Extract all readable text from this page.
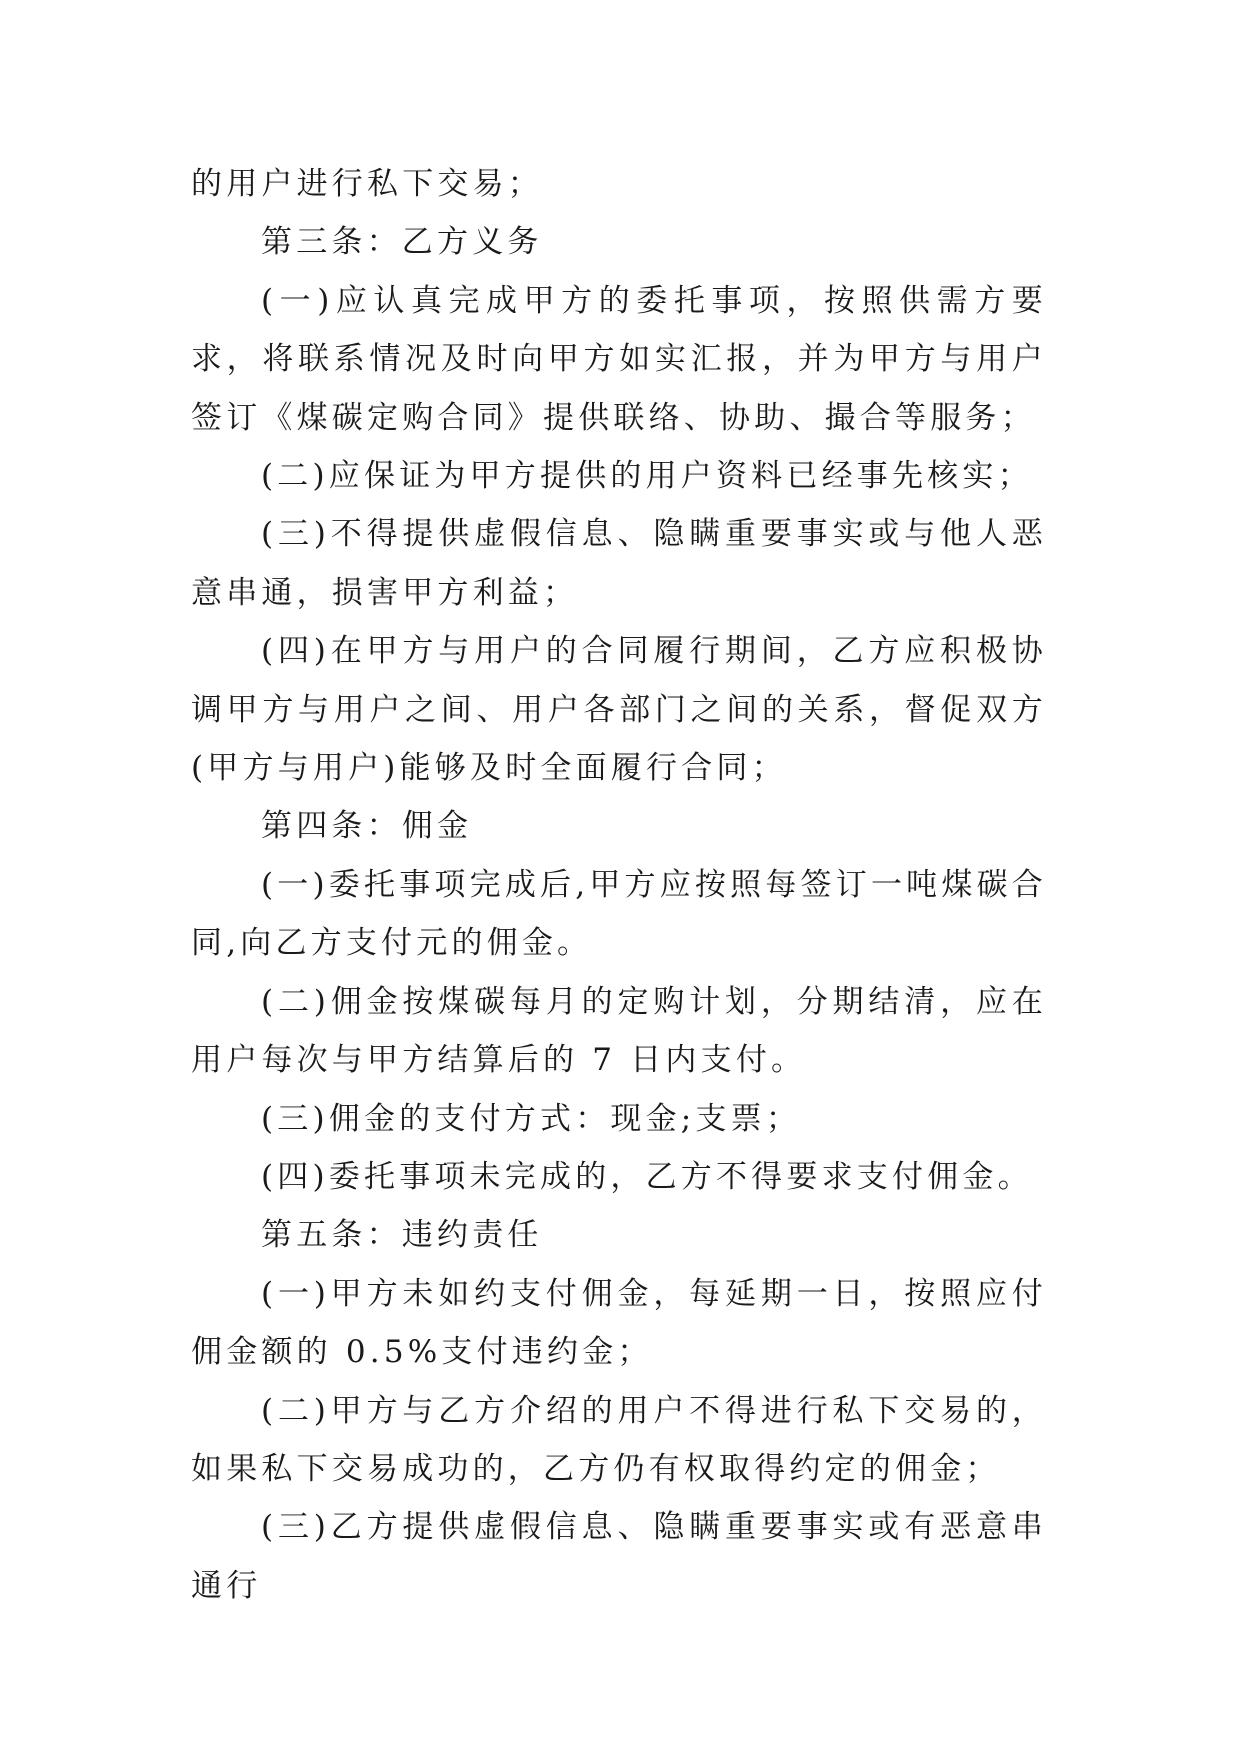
的用户进行私下交易；

第三条：乙方义务

(一)应认真完成甲方的委托事项，按照供需方要求，将联系情况及时向甲方如实汇报，并为甲方与用户签订《煤碳定购合同》提供联络、协助、撮合等服务；

(二)应保证为甲方提供的用户资料已经事先核实；

(三)不得提供虚假信息、隐瞒重要事实或与他人恶意串通，损害甲方利益；

(四)在甲方与用户的合同履行期间，乙方应积极协调甲方与用户之间、用户各部门之间的关系，督促双方(甲方与用户)能够及时全面履行合同；

第四条：佣金

(一)委托事项完成后,甲方应按照每签订一吨煤碳合同,向乙方支付元的佣金。

(二)佣金按煤碳每月的定购计划，分期结清，应在用户每次与甲方结算后的 7 日内支付。

(三)佣金的支付方式：现金;支票；

(四)委托事项未完成的，乙方不得要求支付佣金。

第五条：违约责任

(一)甲方未如约支付佣金，每延期一日，按照应付佣金额的 0.5%支付违约金；

(二)甲方与乙方介绍的用户不得进行私下交易的，如果私下交易成功的，乙方仍有权取得约定的佣金；

(三)乙方提供虚假信息、隐瞒重要事实或有恶意串通行
